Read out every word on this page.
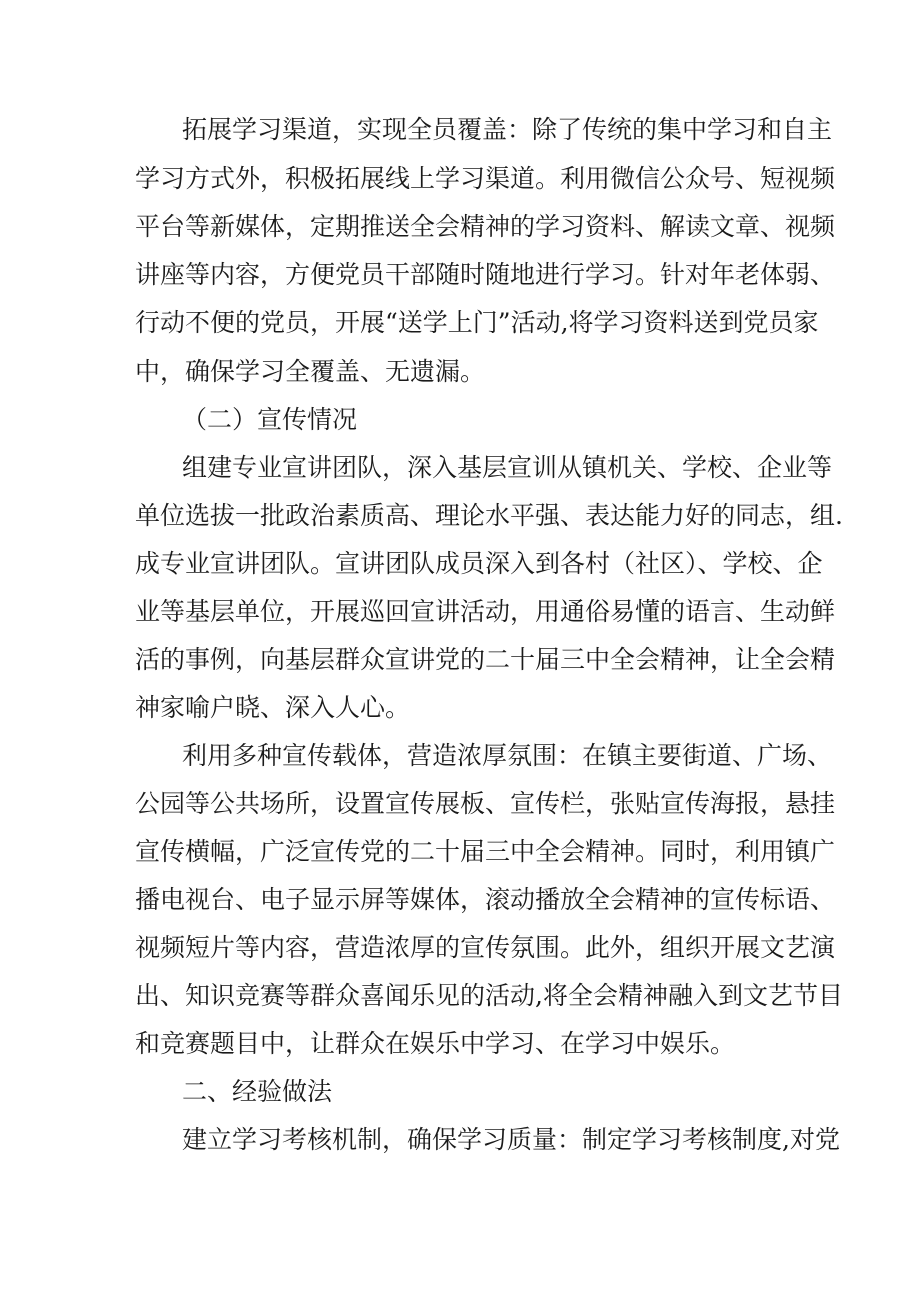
拓展学习渠道，实现全员覆盖：除了传统的集中学习和自主
学习方式外，积极拓展线上学习渠道。利用微信公众号、短视频
平台等新媒体，定期推送全会精神的学习资料、解读文章、视频
讲座等内容，方便党员干部随时随地进行学习。针对年老体弱、
行动不便的党员，开展“送学上门”活动,将学习资料送到党员家
中，确保学习全覆盖、无遗漏。
（二）宣传情况
组建专业宣讲团队，深入基层宣训从镇机关、学校、企业等
单位选拔一批政治素质高、理论水平强、表达能力好的同志，组.
成专业宣讲团队。宣讲团队成员深入到各村（社区）、学校、企
业等基层单位，开展巡回宣讲活动，用通俗易懂的语言、生动鲜
活的事例，向基层群众宣讲党的二十届三中全会精神，让全会精
神家喻户晓、深入人心。
利用多种宣传载体，营造浓厚氛围：在镇主要街道、广场、
公园等公共场所，设置宣传展板、宣传栏，张贴宣传海报，悬挂
宣传横幅，广泛宣传党的二十届三中全会精神。同时，利用镇广
播电视台、电子显示屏等媒体，滚动播放全会精神的宣传标语、
视频短片等内容，营造浓厚的宣传氛围。此外，组织开展文艺演
出、知识竞赛等群众喜闻乐见的活动,将全会精神融入到文艺节目
和竞赛题目中，让群众在娱乐中学习、在学习中娱乐。
二、经验做法
建立学习考核机制，确保学习质量：制定学习考核制度,对党
